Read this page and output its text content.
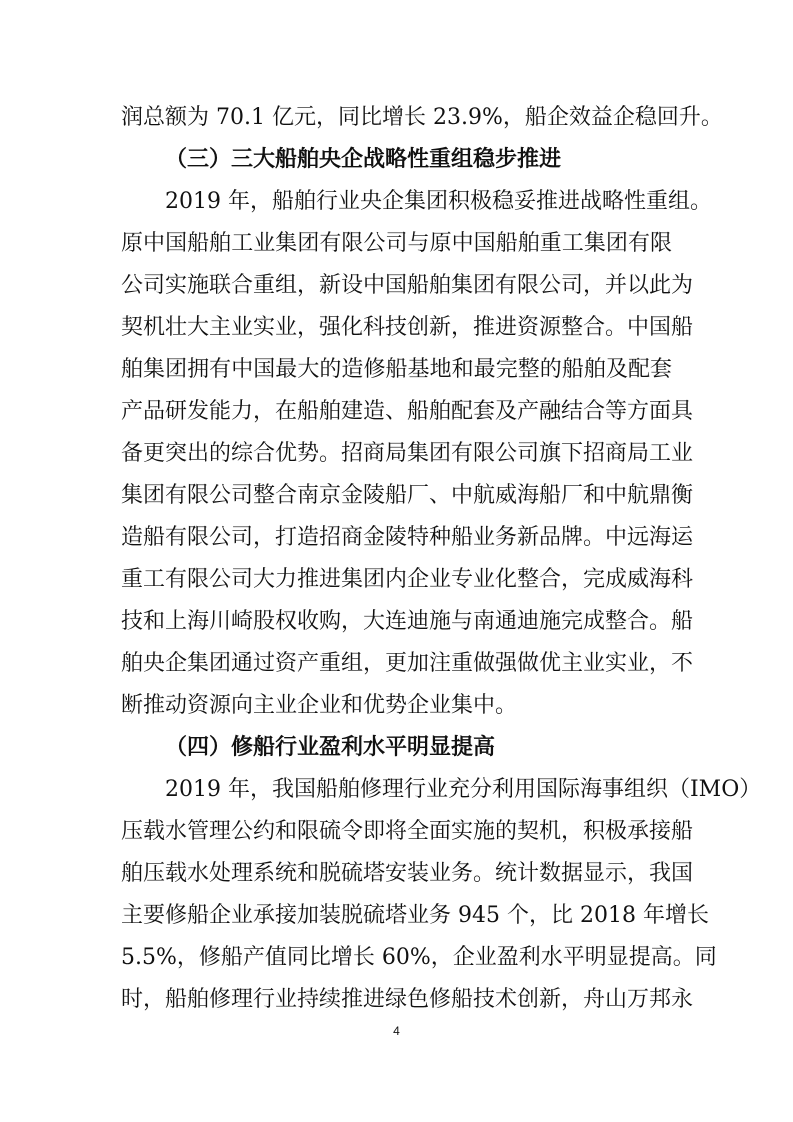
润总额为 70.1 亿元，同比增长 23.9%，船企效益企稳回升。
（三）三大船舶央企战略性重组稳步推进
2019 年，船舶行业央企集团积极稳妥推进战略性重组。
原中国船舶工业集团有限公司与原中国船舶重工集团有限
公司实施联合重组，新设中国船舶集团有限公司，并以此为
契机壮大主业实业，强化科技创新，推进资源整合。中国船
舶集团拥有中国最大的造修船基地和最完整的船舶及配套
产品研发能力，在船舶建造、船舶配套及产融结合等方面具
备更突出的综合优势。招商局集团有限公司旗下招商局工业
集团有限公司整合南京金陵船厂、中航威海船厂和中航鼎衡
造船有限公司，打造招商金陵特种船业务新品牌。中远海运
重工有限公司大力推进集团内企业专业化整合，完成威海科
技和上海川崎股权收购，大连迪施与南通迪施完成整合。船
舶央企集团通过资产重组，更加注重做强做优主业实业，不
断推动资源向主业企业和优势企业集中。
（四）修船行业盈利水平明显提高
2019 年，我国船舶修理行业充分利用国际海事组织（IMO）
压载水管理公约和限硫令即将全面实施的契机，积极承接船
舶压载水处理系统和脱硫塔安装业务。统计数据显示，我国
主要修船企业承接加装脱硫塔业务 945 个，比 2018 年增长
5.5%，修船产值同比增长 60%，企业盈利水平明显提高。同
时，船舶修理行业持续推进绿色修船技术创新，舟山万邦永
4
